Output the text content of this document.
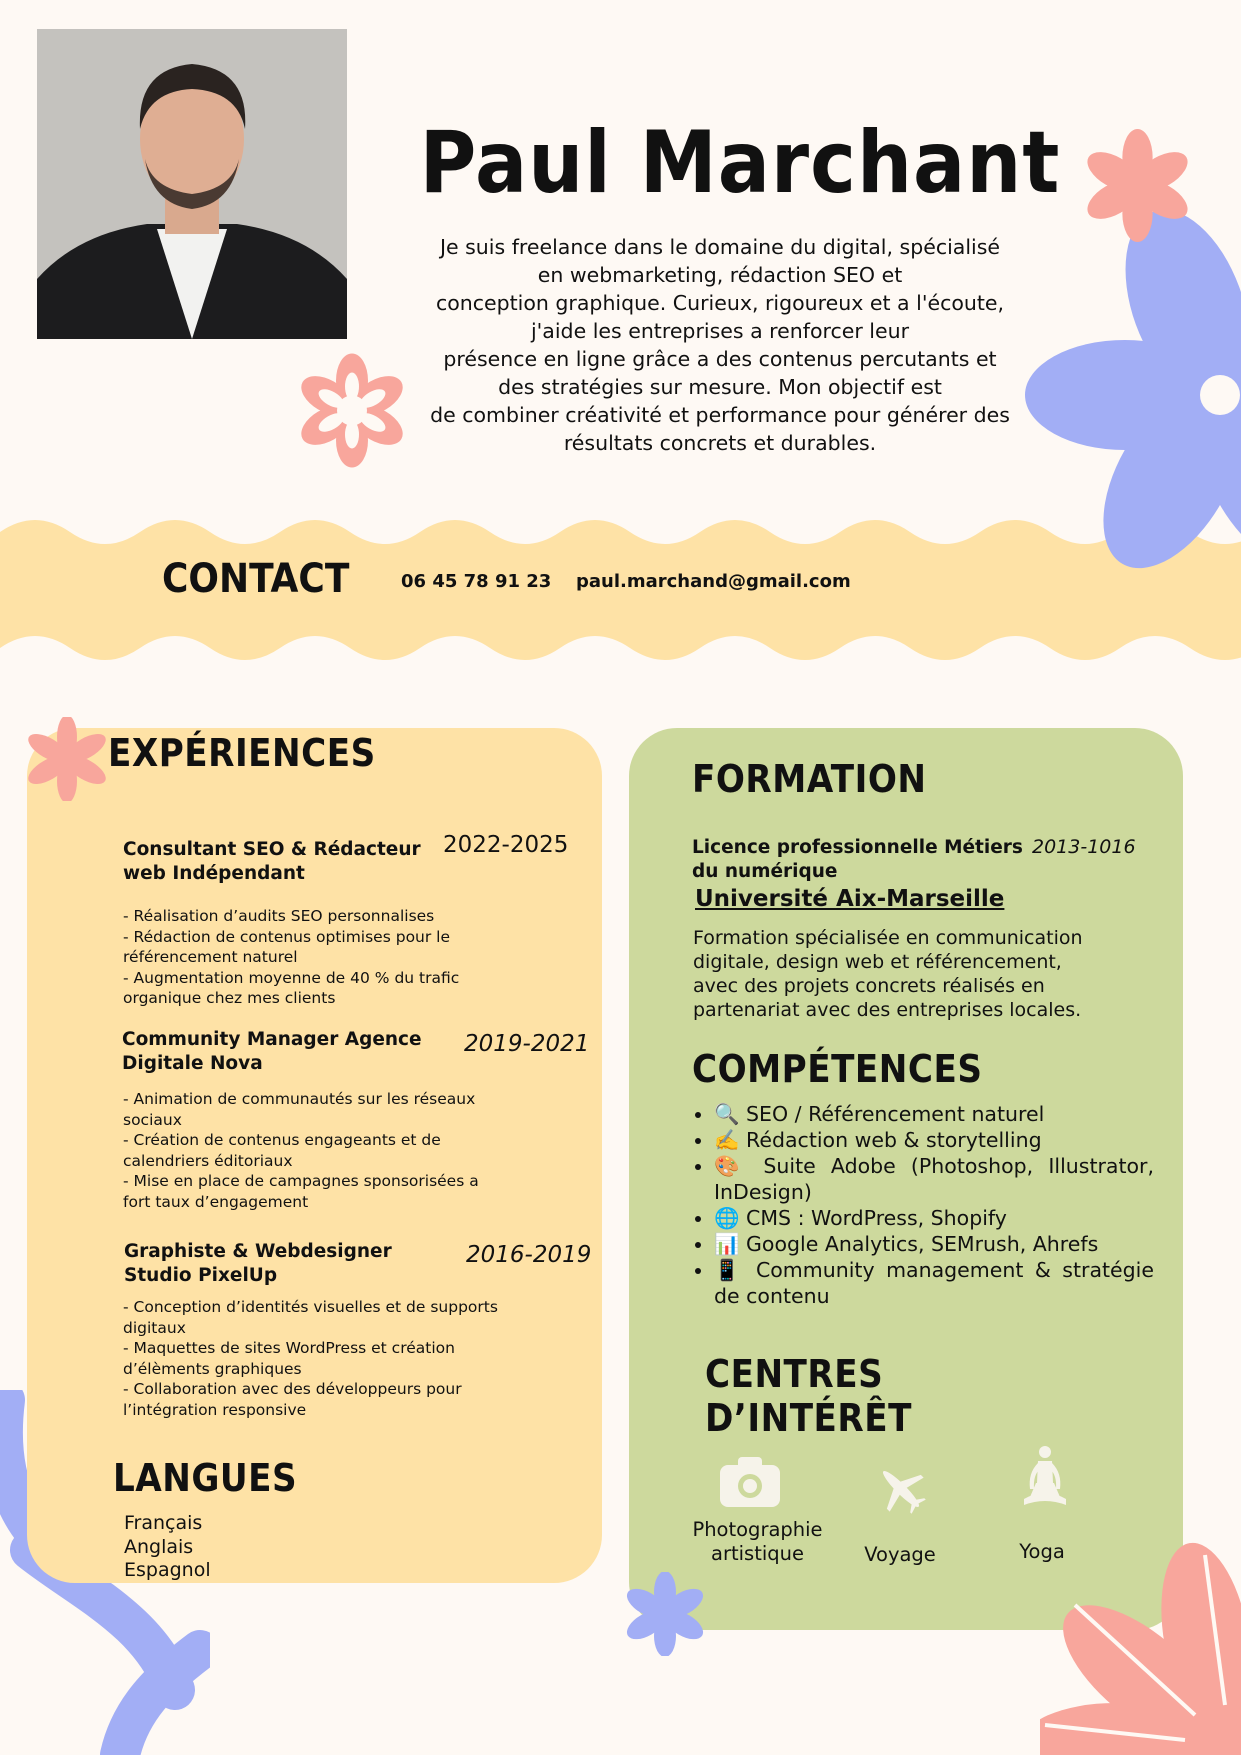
Paul Marchant
Je suis freelance dans le domaine du digital, spécialisé
en webmarketing, rédaction SEO et
conception graphique. Curieux, rigoureux et a l'écoute,
j'aide les entreprises a renforcer leur
présence en ligne grâce a des contenus percutants et
des stratégies sur mesure. Mon objectif est
de combiner créativité et performance pour générer des
résultats concrets et durables.
CONTACT	06 45 78 91 23 paul.marchand@gmail.com
EXPÉRIENCES
Consultant SEO & Rédacteur
web Indépendant
2022-2025
- Réalisation d’audits SEO personnalises
- Rédaction de contenus optimises pour le
référencement naturel
- Augmentation moyenne de 40 % du trafic
organique chez mes clients
Community Manager Agence
Digitale Nova
2019-2021
- Animation de communautés sur les réseaux
sociaux
- Création de contenus engageants et de
calendriers éditoriaux
- Mise en place de campagnes sponsorisées a
fort taux d’engagement
Graphiste & Webdesigner
Studio PixelUp
2016-2019
- Conception d’identités visuelles et de supports
digitaux
- Maquettes de sites WordPress et création
d’élèments graphiques
- Collaboration avec des développeurs pour
l’intégration responsive
LANGUES
Français
Anglais
Espagnol
FORMATION
Licence professionnelle Métiers
du numérique
2013-1016
Université Aix-Marseille
Formation spécialisée en communication
digitale, design web et référencement,
avec des projets concrets réalisés en
partenariat avec des entreprises locales.
COMPÉTENCES
• 🔍 SEO / Référencement naturel
• ✍️ Rédaction web & storytelling
• 🎨 Suite Adobe (Photoshop, Illustrator, InDesign)
• 🌐 CMS : WordPress, Shopify
• 📊 Google Analytics, SEMrush, Ahrefs
• 📱 Community management & stratégie de contenu
CENTRES
D’INTÉRÊT
Photographie
artistique	Voyage	Yoga
